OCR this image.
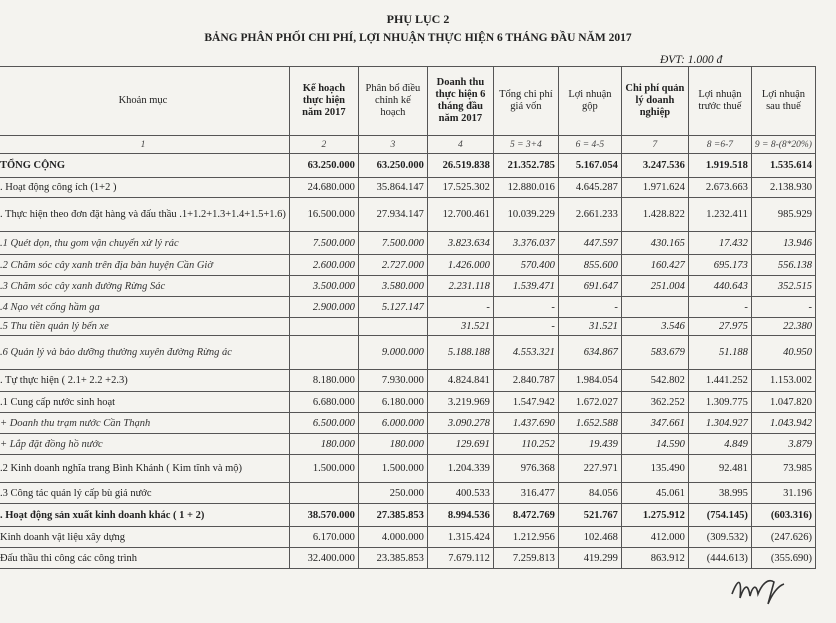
PHỤ LỤC 2
BẢNG PHÂN PHỐI CHI PHÍ, LỢI NHUẬN THỰC HIỆN 6 THÁNG ĐẦU NĂM 2017
ĐVT: 1.000 đ
Khoản mục	Kế hoạch thực hiện năm 2017	Phân bổ điều chỉnh kế hoạch	Doanh thu thực hiện 6 tháng đầu năm 2017	Tổng chi phí giá vốn	Lợi nhuận gộp	Chi phí quản lý doanh nghiệp	Lợi nhuận trước thuế	Lợi nhuận sau thuế
1	2	3	4	5 = 3+4	6 = 4-5	7	8 =6-7	9 = 8-(8*20%)
TỔNG CỘNG	63.250.000	63.250.000	26.519.838	21.352.785	5.167.054	3.247.536	1.919.518	1.535.614
. Hoạt động công ích (1+2 )	24.680.000	35.864.147	17.525.302	12.880.016	4.645.287	1.971.624	2.673.663	2.138.930
. Thực hiện theo đơn đặt hàng và đấu thầu .1+1.2+1.3+1.4+1.5+1.6)	16.500.000	27.934.147	12.700.461	10.039.229	2.661.233	1.428.822	1.232.411	985.929
.1 Quét dọn, thu gom vận chuyển xử lý rác	7.500.000	7.500.000	3.823.634	3.376.037	447.597	430.165	17.432	13.946
.2 Chăm sóc cây xanh trên địa bàn huyện Cần Giờ	2.600.000	2.727.000	1.426.000	570.400	855.600	160.427	695.173	556.138
.3 Chăm sóc cây xanh đường Rừng Sác	3.500.000	3.580.000	2.231.118	1.539.471	691.647	251.004	440.643	352.515
.4 Nạo vét cống hầm ga	2.900.000	5.127.147	-	-	-		-	-
.5 Thu tiền quản lý bến xe			31.521	-	31.521	3.546	27.975	22.380
.6 Quản lý và bảo dưỡng thường xuyên đường Rừng ác		9.000.000	5.188.188	4.553.321	634.867	583.679	51.188	40.950
. Tự thực hiện ( 2.1+ 2.2 +2.3)	8.180.000	7.930.000	4.824.841	2.840.787	1.984.054	542.802	1.441.252	1.153.002
.1 Cung cấp nước sinh hoạt	6.680.000	6.180.000	3.219.969	1.547.942	1.672.027	362.252	1.309.775	1.047.820
+ Doanh thu trạm nước Cần Thạnh	6.500.000	6.000.000	3.090.278	1.437.690	1.652.588	347.661	1.304.927	1.043.942
+ Lắp đặt đồng hồ nước	180.000	180.000	129.691	110.252	19.439	14.590	4.849	3.879
.2 Kinh doanh nghĩa trang Bình Khánh ( Kim tĩnh và mộ)	1.500.000	1.500.000	1.204.339	976.368	227.971	135.490	92.481	73.985
.3 Công tác quản lý cấp bù giá nước		250.000	400.533	316.477	84.056	45.061	38.995	31.196
. Hoạt động sản xuất kinh doanh khác ( 1 + 2)	38.570.000	27.385.853	8.994.536	8.472.769	521.767	1.275.912	(754.145)	(603.316)
Kinh doanh vật liệu xây dựng	6.170.000	4.000.000	1.315.424	1.212.956	102.468	412.000	(309.532)	(247.626)
Đấu thầu thi công các công trình	32.400.000	23.385.853	7.679.112	7.259.813	419.299	863.912	(444.613)	(355.690)
